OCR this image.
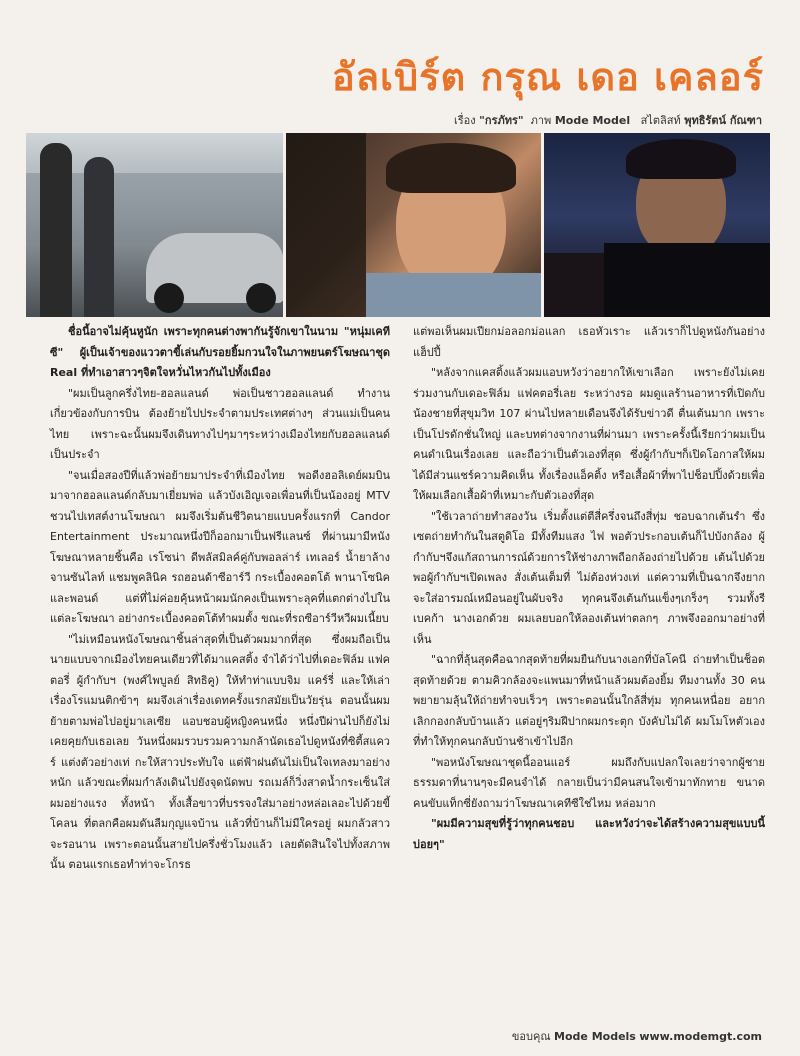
อัลเบิร์ต กรุณ เดอ เคลอร์
เรื่อง "กรภัทร" ภาพ Mode Model สไตลิสท์ พุทธิรัตน์ กัณฑา

ชื่อนี้อาจไม่คุ้นหูนัก เพราะทุกคนต่างพากันรู้จักเขาในนาม "หนุ่มเคทีซี" ผู้เป็นเจ้าของแววตาขี้เล่นกับรอยยิ้มกวนใจในภาพยนตร์โฆษณาชุด Real ที่ทำเอาสาวๆจิตใจหวั่นไหวกันไปทั้งเมือง

"ผมเป็นลูกครึ่งไทย-ฮอลแลนด์ พ่อเป็นชาวฮอลแลนด์ ทำงานเกี่ยวข้องกับการบิน ต้องย้ายไปประจำตามประเทศต่างๆ ส่วนแม่เป็นคนไทย เพราะฉะนั้นผมจึงเดินทางไปๆมาๆระหว่างเมืองไทยกับฮอลแลนด์เป็นประจำ

"จนเมื่อสองปีที่แล้วพ่อย้ายมาประจำที่เมืองไทย พอดีงฮอลิเดย์ผมบินมาจากฮอลแลนด์กลับมาเยี่ยมพ่อ แล้วบังเอิญเจอเพื่อนที่เป็นน้องอยู่ MTV ชวนไปเทสต์งานโฆษณา ผมจึงเริ่มต้นชีวิตนายแบบครั้งแรกที่ Candor Entertainment ประมาณหนึ่งปีก็ออกมาเป็นฟรีแลนซ์ ที่ผ่านมามีหนังโฆษณาหลายชิ้นคือ เรโซน่า ดีพลัสมิลค์คู่กับพอลล่าร์ เทเลอร์ น้ำยาล้างจานซันไลท์ แชมพูคลินิค รถฮอนด้าซีอาร์วี กระเบื้องคอตโต้ พานาโซนิค และพอนด์ แต่ที่ไม่ค่อยคุ้นหน้าผมนักคงเป็นเพราะลุคที่แตกต่างไปในแต่ละโฆษณา อย่างกระเบื้องคอตโต้ทำผมตั้ง ขณะที่รถซีอาร์วีหวีผมเนี้ยบ

"ไม่เหมือนหนังโฆษณาชิ้นล่าสุดที่เป็นตัวผมมากที่สุด ซึ่งผมถือเป็นนายแบบจากเมืองไทยคนเดียวที่ได้มาแคสติ้ง จำได้ว่าไปที่เดอะฟิล์ม แฟคตอรี่ ผู้กำกับฯ (พงศ์ไพบูลย์ สิทธิคู) ให้ทำท่าแบบจิม แคร์รี่ และให้เล่าเรื่องโรแมนติกข้าๆ ผมจึงเล่าเรื่องเดทครั้งแรกสมัยเป็นวัยรุ่น ตอนนั้นผมย้ายตามพ่อไปอยู่มาเลเซีย แอบชอบผู้หญิงคนหนึ่ง หนึ่งปีผ่านไปก็ยังไม่เคยคุยกับเธอเลย วันหนึ่งผมรวบรวมความกล้านัดเธอไปดูหนังที่ซิตี้สแควร์ แต่งตัวอย่างเท่ กะให้สาวประทับใจ แต่ฟ้าฝนดันไม่เป็นใจเทลงมาอย่างหนัก แล้วขณะที่ผมกำลังเดินไปยังจุดนัดพบ รถเมล์ก็วิ่งสาดน้ำกระเซ็นใส่ผมอย่างแรง ทั้งหน้า ทั้งเสื้อขาวที่บรรจงใส่มาอย่างหล่อเลอะไปด้วยขี้โคลน ที่ตลกคือผมดันลืมกุญแจบ้าน แล้วที่บ้านก็ไม่มีใครอยู่ ผมกลัวสาวจะรอนาน เพราะตอนนั้นสายไปครึ่งชั่วโมงแล้ว เลยตัดสินใจไปทั้งสภาพนั้น ตอนแรกเธอทำท่าจะโกรธ

แต่พอเห็นผมเปียกม่อลอกม่อแลก เธอหัวเราะ แล้วเราก็ไปดูหนังกันอย่างแฮ็ปปี้

"หลังจากแคสติ้งแล้วผมแอบหวังว่าอยากให้เขาเลือก เพราะยังไม่เคยร่วมงานกับเดอะฟิล์ม แฟคตอรี่เลย ระหว่างรอ ผมดูแลร้านอาหารที่เปิดกับน้องชายที่สุขุมวิท 107 ผ่านไปหลายเดือนจึงได้รับข่าวดี ตื่นเต้นมาก เพราะเป็นโปรดักชั่นใหญ่ และบทต่างจากงานที่ผ่านมา เพราะครั้งนี้เรียกว่าผมเป็นคนดำเนินเรื่องเลย และถือว่าเป็นตัวเองที่สุด ซึ่งผู้กำกับฯก็เปิดโอกาสให้ผมได้มีส่วนแชร์ความคิดเห็น ทั้งเรื่องแอ็คติ้ง หรือเสื้อผ้าที่พาไปช็อปปิ้งด้วยเพื่อให้ผมเลือกเสื้อผ้าที่เหมาะกับตัวเองที่สุด

"ใช้เวลาถ่ายทำสองวัน เริ่มตั้งแต่ตีสี่ครึ่งจนถึงสี่ทุ่ม ชอบฉากเต้นรำ ซึ่งเซตถ่ายทำกันในสตูดิโอ มีทั้งทีมแสง ไฟ พอตัวประกอบเต้นก็ไปบังกล้อง ผู้กำกับฯจึงแก้สถานการณ์ด้วยการให้ช่างภาพถือกล้องถ่ายไปด้วย เต้นไปด้วย พอผู้กำกับฯเปิดเพลง สั่งเต้นเต็มที่ ไม่ต้องห่วงเท่ แต่ความที่เป็นฉากจึงยากจะใส่อารมณ์เหมือนอยู่ในผับจริง ทุกคนจึงเต้นกันแข็งๆเกร็งๆ รวมทั้งรีเบคก้า นางเอกด้วย ผมเลยบอกให้ลองเต้นท่าตลกๆ ภาพจึงออกมาอย่างที่เห็น

"ฉากที่ลุ้นสุดคือฉากสุดท้ายที่ผมยืนกับนางเอกที่บัลโคนี ถ่ายทำเป็นช็อตสุดท้ายด้วย ตามคิวกล้องจะแพนมาที่หน้าแล้วผมต้องยิ้ม ทีมงานทั้ง 30 คนพยายามลุ้นให้ถ่ายทำจบเร็วๆ เพราะตอนนั้นใกล้สี่ทุ่ม ทุกคนเหนื่อย อยากเลิกกองกลับบ้านแล้ว แต่อยู่ๆริมฝีปากผมกระตุก บังคับไม่ได้ ผมโมโหตัวเองที่ทำให้ทุกคนกลับบ้านช้าเข้าไปอีก

"พอหนังโฆษณาชุดนี้ออนแอร์ ผมถึงกับแปลกใจเลยว่าจากผู้ชายธรรมดาที่นานๆจะมีคนจำได้ กลายเป็นว่ามีคนสนใจเข้ามาทักทาย ขนาดคนขับแท็กซี่ยังถามว่าโฆษณาเคทีซีใช่ไหม หล่อมาก

"ผมมีความสุขที่รู้ว่าทุกคนชอบ และหวังว่าจะได้สร้างความสุขแบบนี้บ่อยๆ"

ขอบคุณ Mode Models www.modemgt.com
